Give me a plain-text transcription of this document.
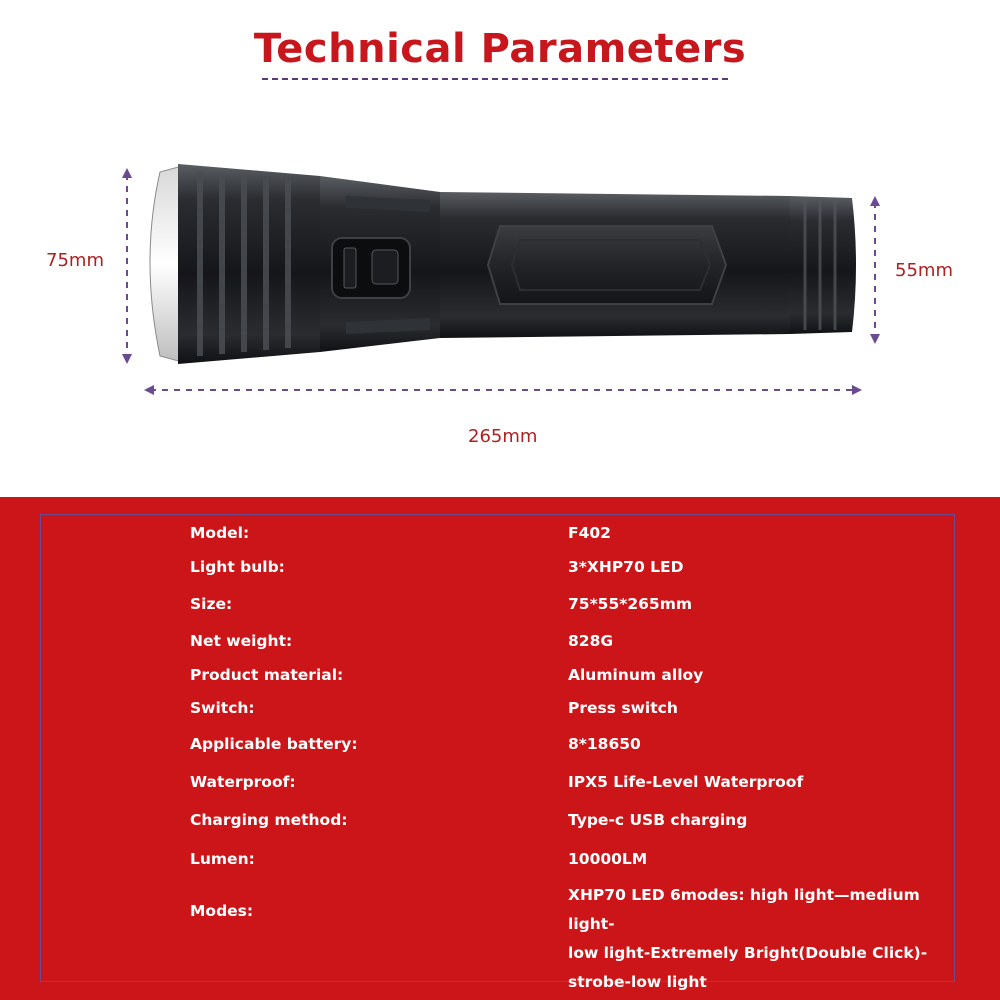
Technical Parameters
75mm	55mm
265mm
Model:	F402
Light bulb:	3*XHP70 LED
Size:	75*55*265mm
Net weight:	828G
Product material:	Aluminum alloy
Switch:	Press switch
Applicable battery:	8*18650
Waterproof:	IPX5 Life-Level Waterproof
Charging method:	Type-c USB charging
Lumen:	10000LM
Modes:
XHP70 LED 6modes: high light—medium light-
low light-Extremely Bright(Double Click)-
strobe-low light
